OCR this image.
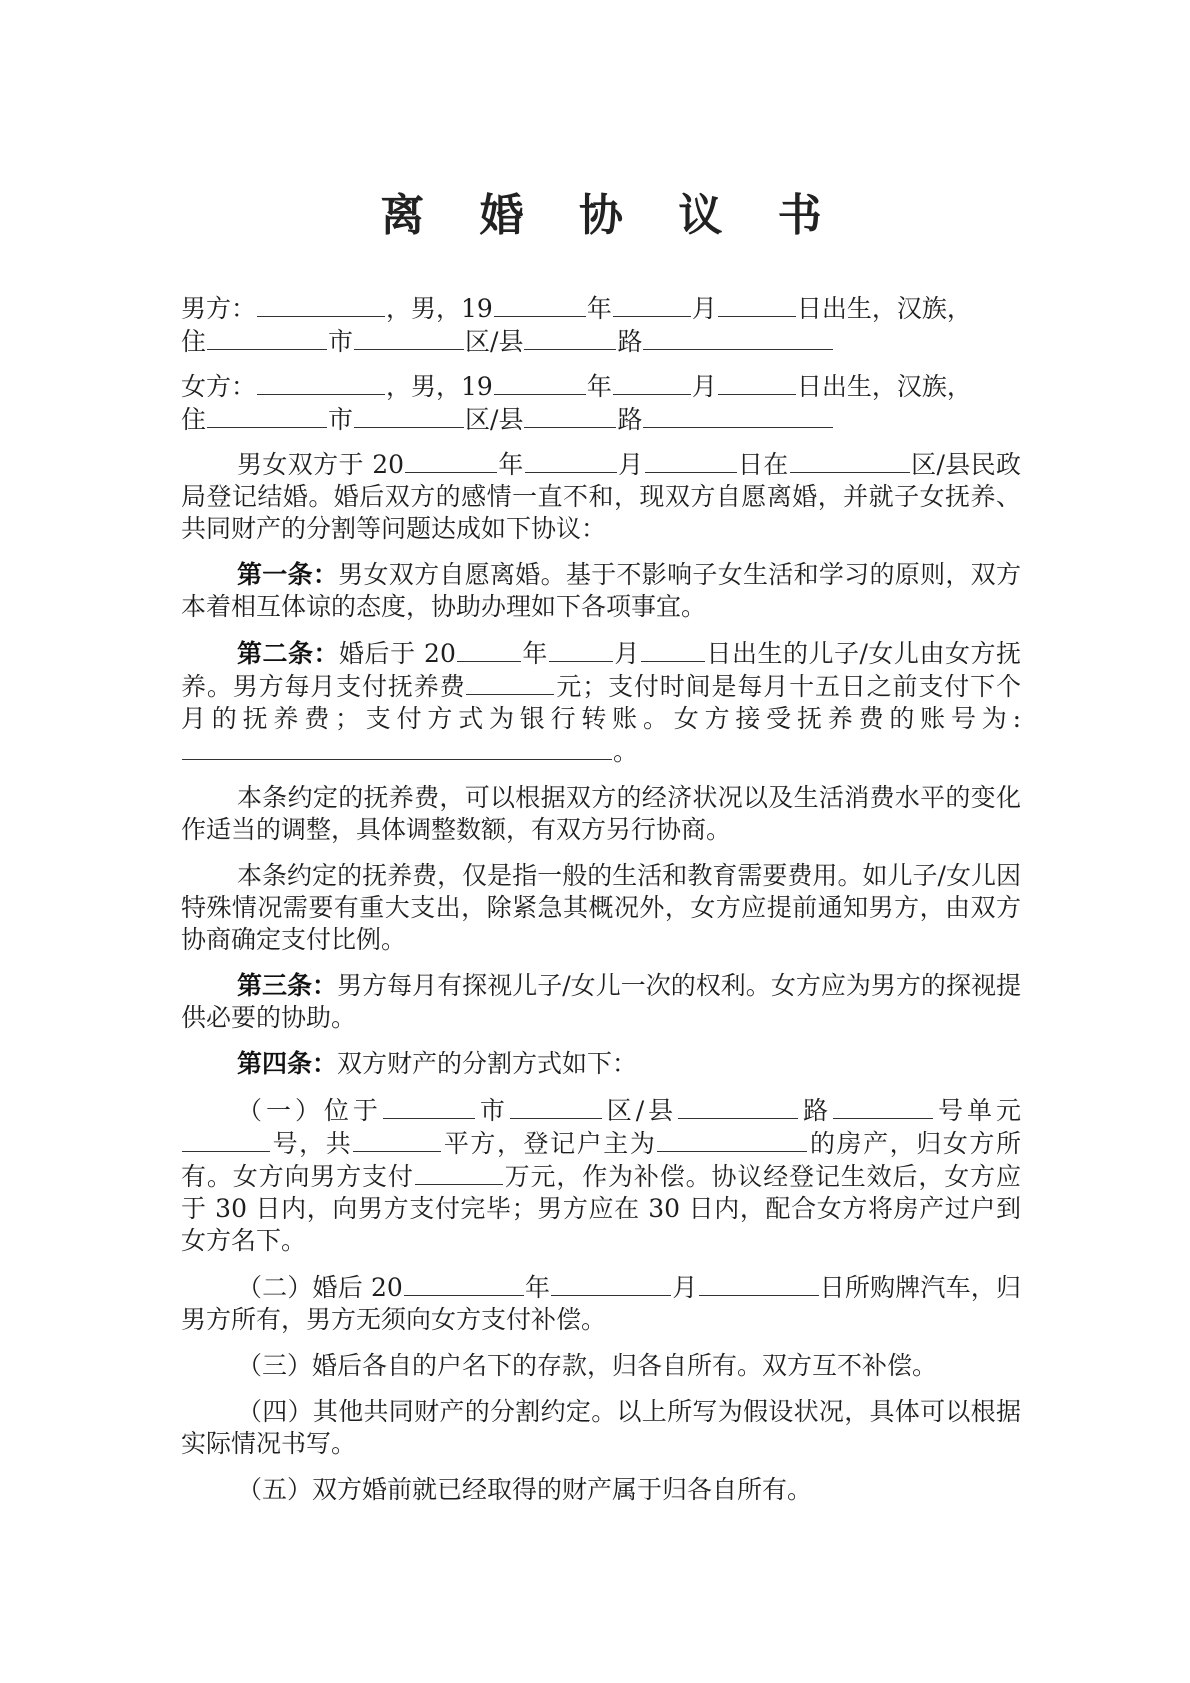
离 婚 协 议 书
男方：	，男，19	年	月	日出生，汉族，
住	市	区/县	路
女方：	，男，19	年	月	日出生，汉族，
住	市	区/县	路
男女双方于 20	年	月	日在	区/县民政局登记结婚。婚后双方的感情一直不和，现双方自愿离婚，并就子女抚养、共同财产的分割等问题达成如下协议：
第一条：男女双方自愿离婚。基于不影响子女生活和学习的原则，双方本着相互体谅的态度，协助办理如下各项事宜。
第二条：婚后于 20	年	月	日出生的儿子/女儿由女方抚养。男方每月支付抚养费	元；支付时间是每月十五日之前支付下个月的抚养费；支付方式为银行转账。女方接受抚养费的账号为:。
本条约定的抚养费，可以根据双方的经济状况以及生活消费水平的变化作适当的调整，具体调整数额，有双方另行协商。
本条约定的抚养费，仅是指一般的生活和教育需要费用。如儿子/女儿因特殊情况需要有重大支出，除紧急其概况外，女方应提前通知男方，由双方协商确定支付比例。
第三条：男方每月有探视儿子/女儿一次的权利。女方应为男方的探视提供必要的协助。
第四条：双方财产的分割方式如下：
（一）位于	市	区/县	路	号单元号，共	平方，登记户主为	的房产，归女方所有。女方向男方支付	万元，作为补偿。协议经登记生效后，女方应于 30 日内，向男方支付完毕；男方应在 30 日内，配合女方将房产过户到女方名下。
（二）婚后 20	年	月	日所购牌汽车，归男方所有，男方无须向女方支付补偿。
（三）婚后各自的户名下的存款，归各自所有。双方互不补偿。
（四）其他共同财产的分割约定。以上所写为假设状况，具体可以根据实际情况书写。
（五）双方婚前就已经取得的财产属于归各自所有。
